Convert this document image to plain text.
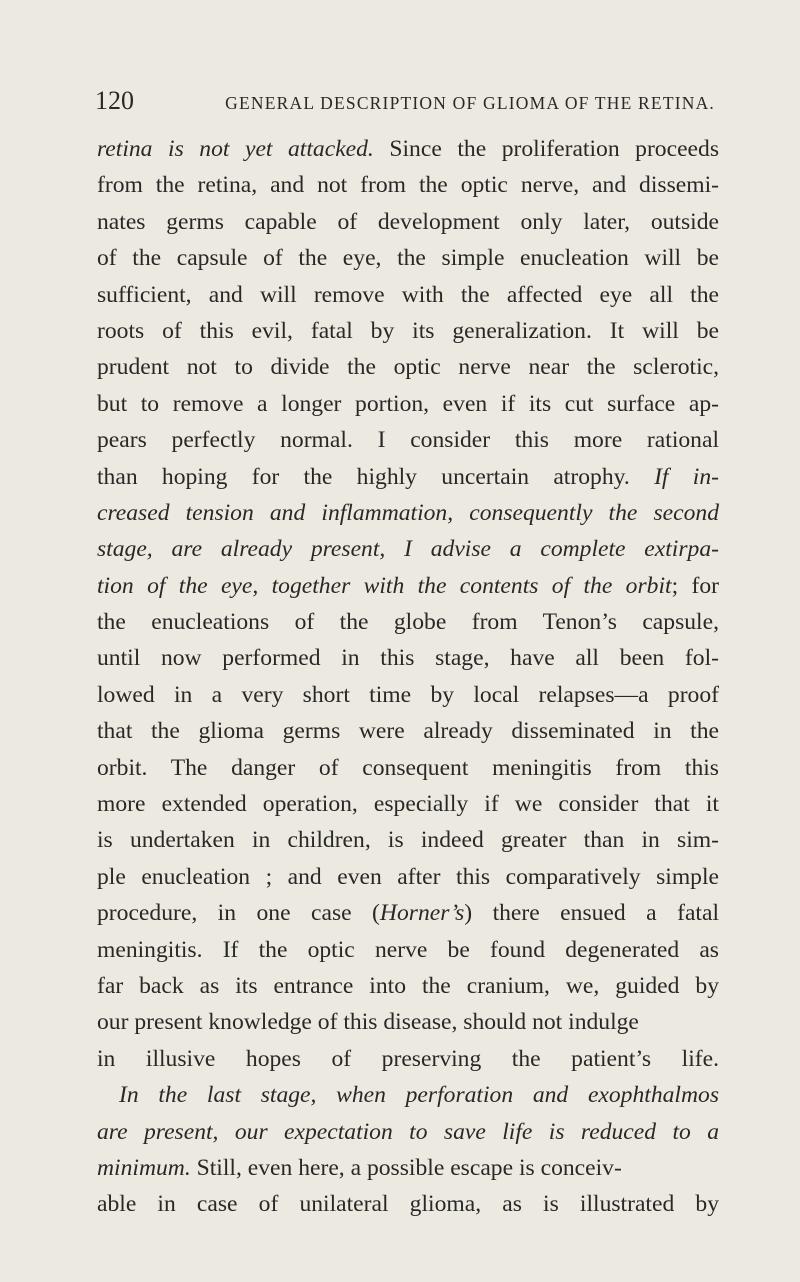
120	GENERAL DESCRIPTION OF GLIOMA OF THE RETINA.
retina is not yet attacked. Since the proliferation proceeds
from the retina, and not from the optic nerve, and dissemi-
nates germs capable of development only later, outside
of the capsule of the eye, the simple enucleation will be
sufficient, and will remove with the affected eye all the
roots of this evil, fatal by its generalization. It will be
prudent not to divide the optic nerve near the sclerotic,
but to remove a longer portion, even if its cut surface ap-
pears perfectly normal. I consider this more rational
than hoping for the highly uncertain atrophy. If in-
creased tension and inflammation, consequently the second
stage, are already present, I advise a complete extirpa-
tion of the eye, together with the contents of the orbit; for
the enucleations of the globe from Tenon’s capsule,
until now performed in this stage, have all been fol-
lowed in a very short time by local relapses—a proof
that the glioma germs were already disseminated in the
orbit. The danger of consequent meningitis from this
more extended operation, especially if we consider that it
is undertaken in children, is indeed greater than in sim-
ple enucleation ; and even after this comparatively simple
procedure, in one case (Horner’s) there ensued a fatal
meningitis. If the optic nerve be found degenerated as
far back as its entrance into the cranium, we, guided by
our present knowledge of this disease, should not indulge
in illusive hopes of preserving the patient’s life.
In the last stage, when perforation and exophthalmos
are present, our expectation to save life is reduced to a
minimum. Still, even here, a possible escape is conceiv-
able in case of unilateral glioma, as is illustrated by
